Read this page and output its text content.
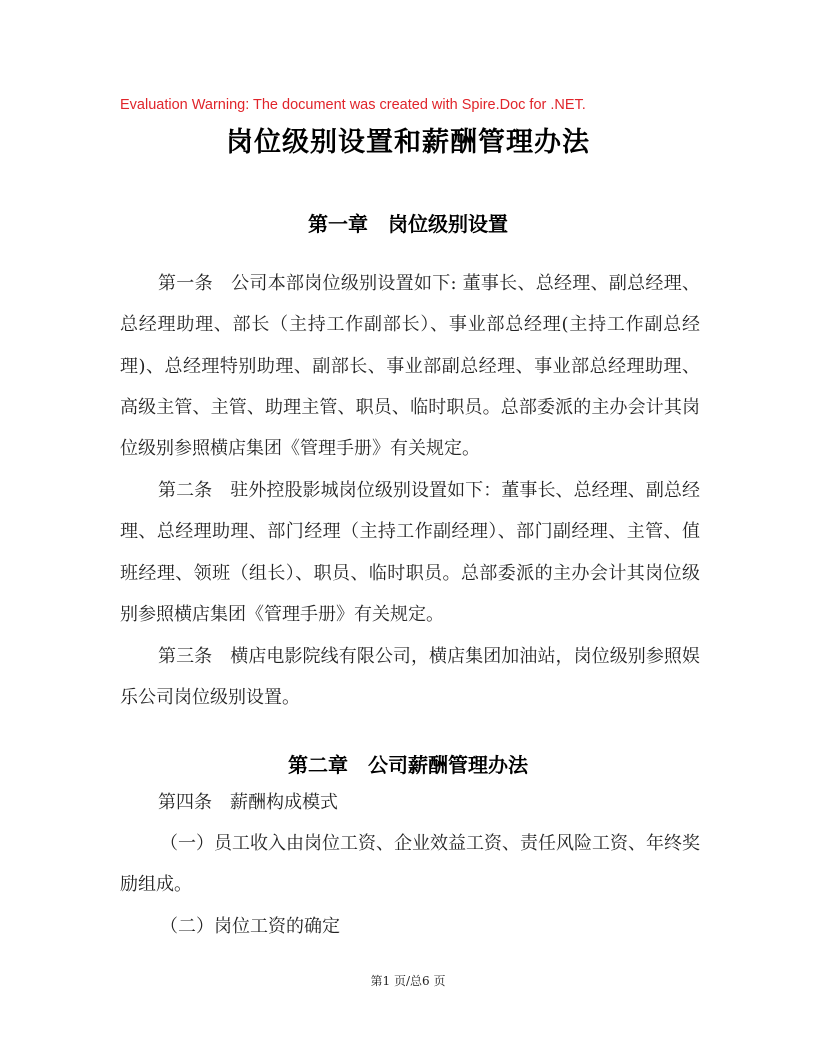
Evaluation Warning: The document was created with Spire.Doc for .NET.
岗位级别设置和薪酬管理办法
第一章　岗位级别设置
第一条　公司本部岗位级别设置如下: 董事长、总经理、副总经理、总经理助理、部长（主持工作副部长）、事业部总经理(主持工作副总经理)、总经理特别助理、副部长、事业部副总经理、事业部总经理助理、高级主管、主管、助理主管、职员、临时职员。总部委派的主办会计其岗位级别参照横店集团《管理手册》有关规定。
第二条　驻外控股影城岗位级别设置如下：董事长、总经理、副总经理、总经理助理、部门经理（主持工作副经理）、部门副经理、主管、值班经理、领班（组长）、职员、临时职员。总部委派的主办会计其岗位级别参照横店集团《管理手册》有关规定。
第三条　横店电影院线有限公司，横店集团加油站，岗位级别参照娱乐公司岗位级别设置。
第二章　公司薪酬管理办法
第四条　薪酬构成模式
（一）员工收入由岗位工资、企业效益工资、责任风险工资、年终奖励组成。
（二）岗位工资的确定
第1 页/总6 页
